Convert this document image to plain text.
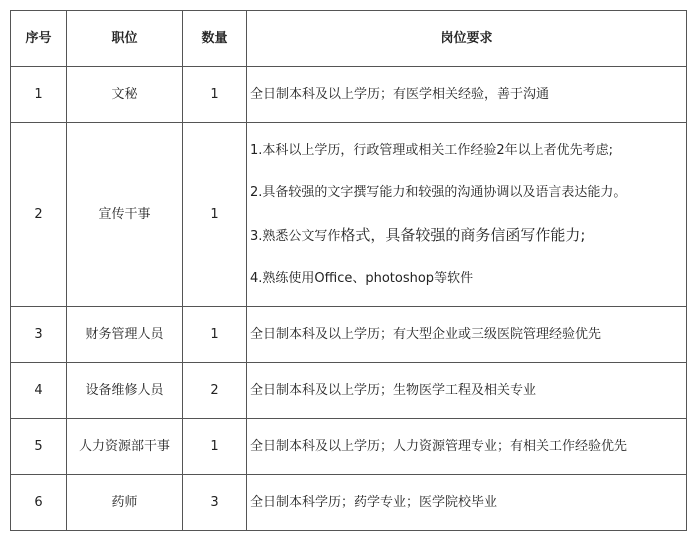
序号	职位	数量	岗位要求
1	文秘	1	全日制本科及以上学历；有医学相关经验，善于沟通

2	宣传干事	1	1.本科以上学历，行政管理或相关工作经验2年以上者优先考虑;
2.具备较强的文字撰写能力和较强的沟通协调以及语言表达能力。
3.熟悉公文写作格式，具备较强的商务信函写作能力;
4.熟练使用Office、photoshop等软件

3	财务管理人员	1	全日制本科及以上学历；有大型企业或三级医院管理经验优先

4	设备维修人员	2	全日制本科及以上学历；生物医学工程及相关专业

5	人力资源部干事	1	全日制本科及以上学历；人力资源管理专业；有相关工作经验优先

6	药师	3	全日制本科学历；药学专业；医学院校毕业
